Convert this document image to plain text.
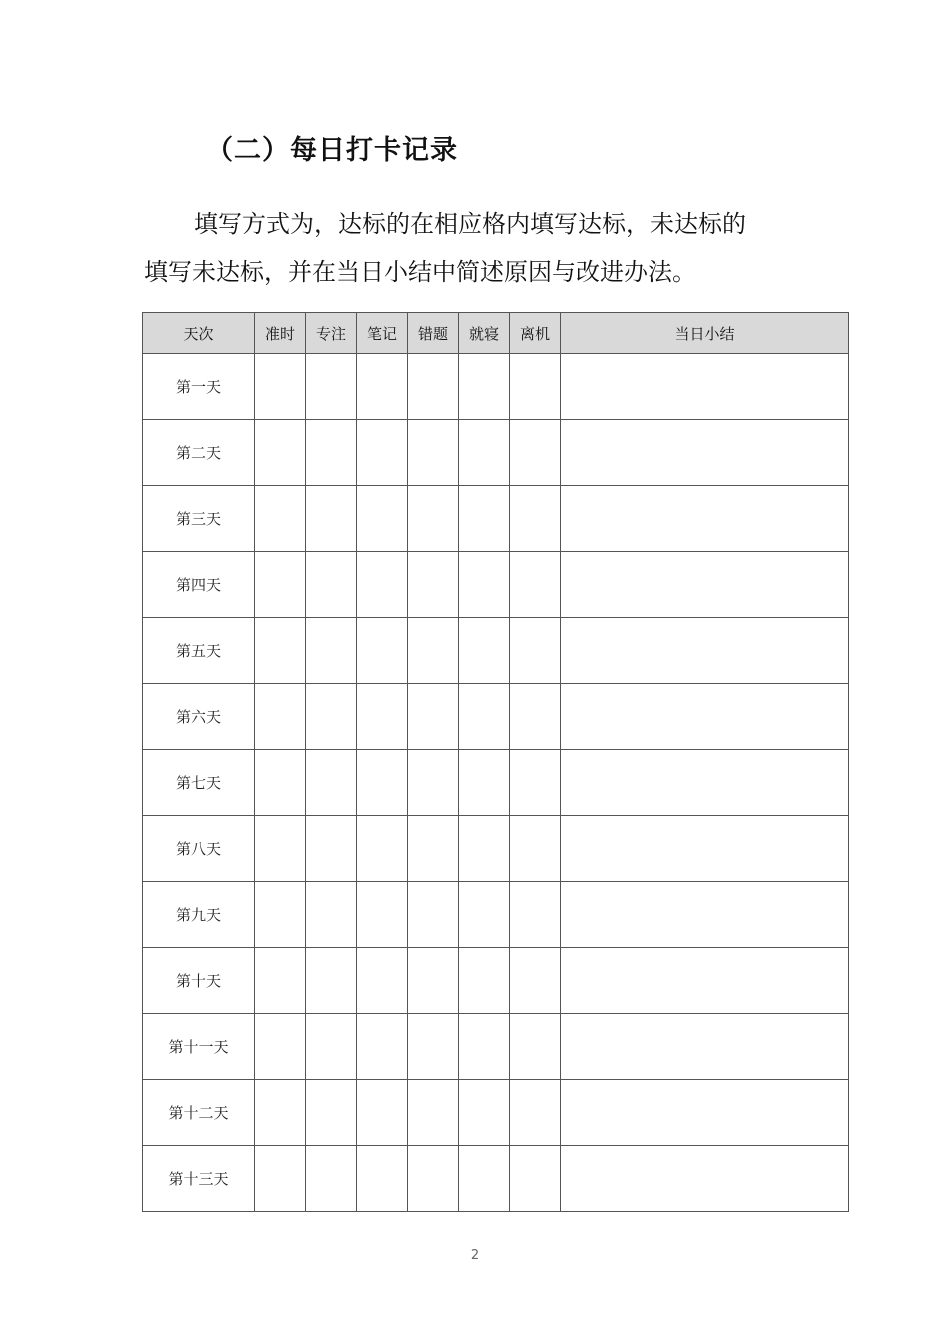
（二）每日打卡记录

填写方式为，达标的在相应格内填写达标，未达标的
填写未达标，并在当日小结中简述原因与改进办法。

天次	准时	专注	笔记	错题	就寝	离机	当日小结
第一天							
第二天							
第三天							
第四天							
第五天							
第六天							
第七天							
第八天							
第九天							
第十天							
第十一天							
第十二天							
第十三天							
2
